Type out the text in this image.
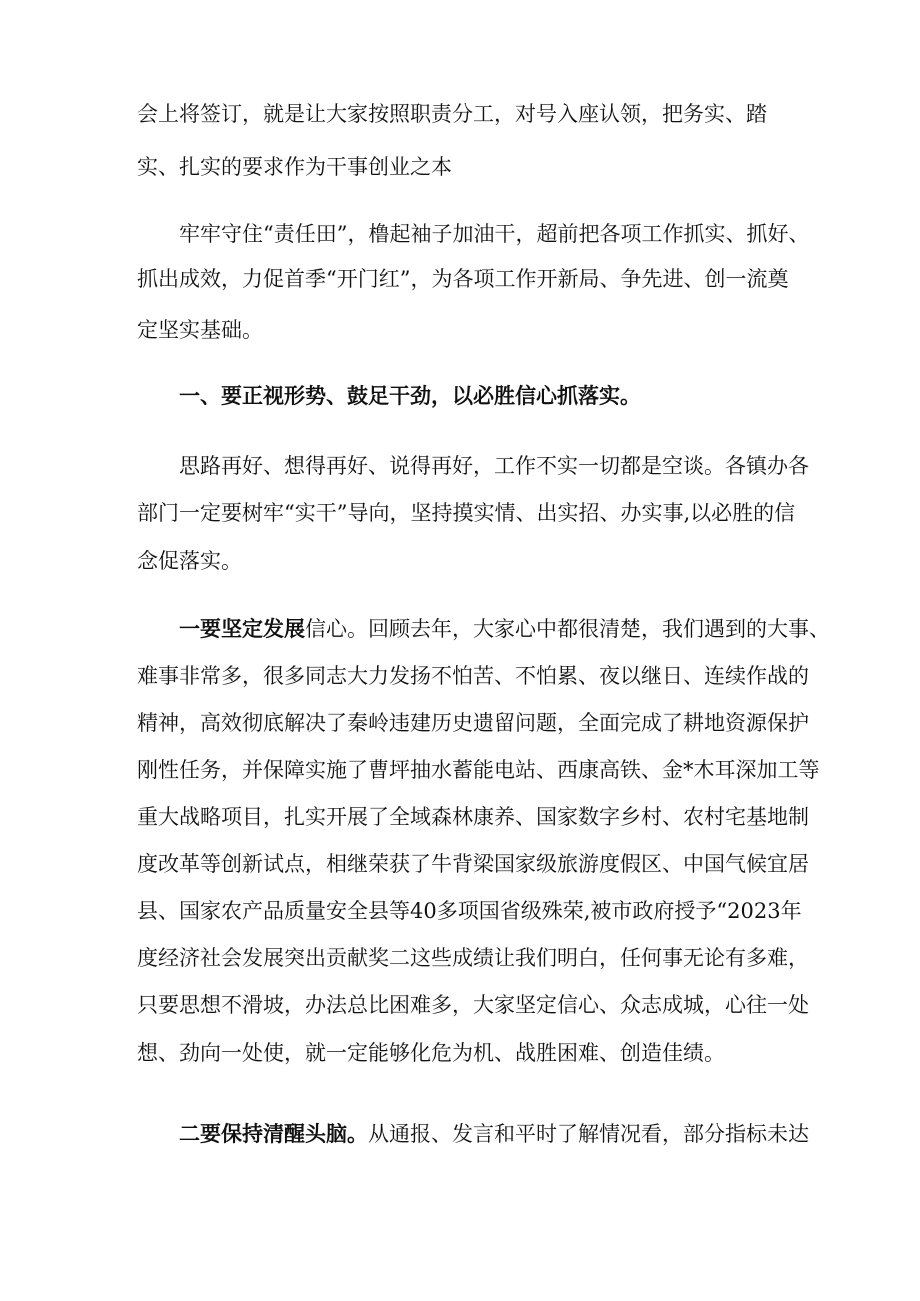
会上将签订，就是让大家按照职责分工，对号入座认领，把务实、踏
实、扎实的要求作为干事创业之本
牢牢守住“责任田”，橹起袖子加油干，超前把各项工作抓实、抓好、
抓出成效，力促首季“开门红”，为各项工作开新局、争先进、创一流奠
定坚实基础。
一、要正视形势、鼓足干劲，以必胜信心抓落实。
思路再好、想得再好、说得再好，工作不实一切都是空谈。各镇办各
部门一定要树牢“实干”导向，坚持摸实情、出实招、办实事,以必胜的信
念促落实。
一要坚定发展信心。回顾去年，大家心中都很清楚，我们遇到的大事、
难事非常多，很多同志大力发扬不怕苦、不怕累、夜以继日、连续作战的
精神，高效彻底解决了秦岭违建历史遗留问题，全面完成了耕地资源保护
刚性任务，并保障实施了曹坪抽水蓄能电站、西康高铁、金*木耳深加工等
重大战略项目，扎实开展了全域森林康养、国家数字乡村、农村宅基地制
度改革等创新试点，相继荣获了牛背梁国家级旅游度假区、中国气候宜居
县、国家农产品质量安全县等40多项国省级殊荣,被市政府授予“2023年
度经济社会发展突出贡献奖二这些成绩让我们明白，任何事无论有多难，
只要思想不滑坡，办法总比困难多，大家坚定信心、众志成城，心往一处
想、劲向一处使，就一定能够化危为机、战胜困难、创造佳绩。
二要保持清醒头脑。从通报、发言和平时了解情况看，部分指标未达
